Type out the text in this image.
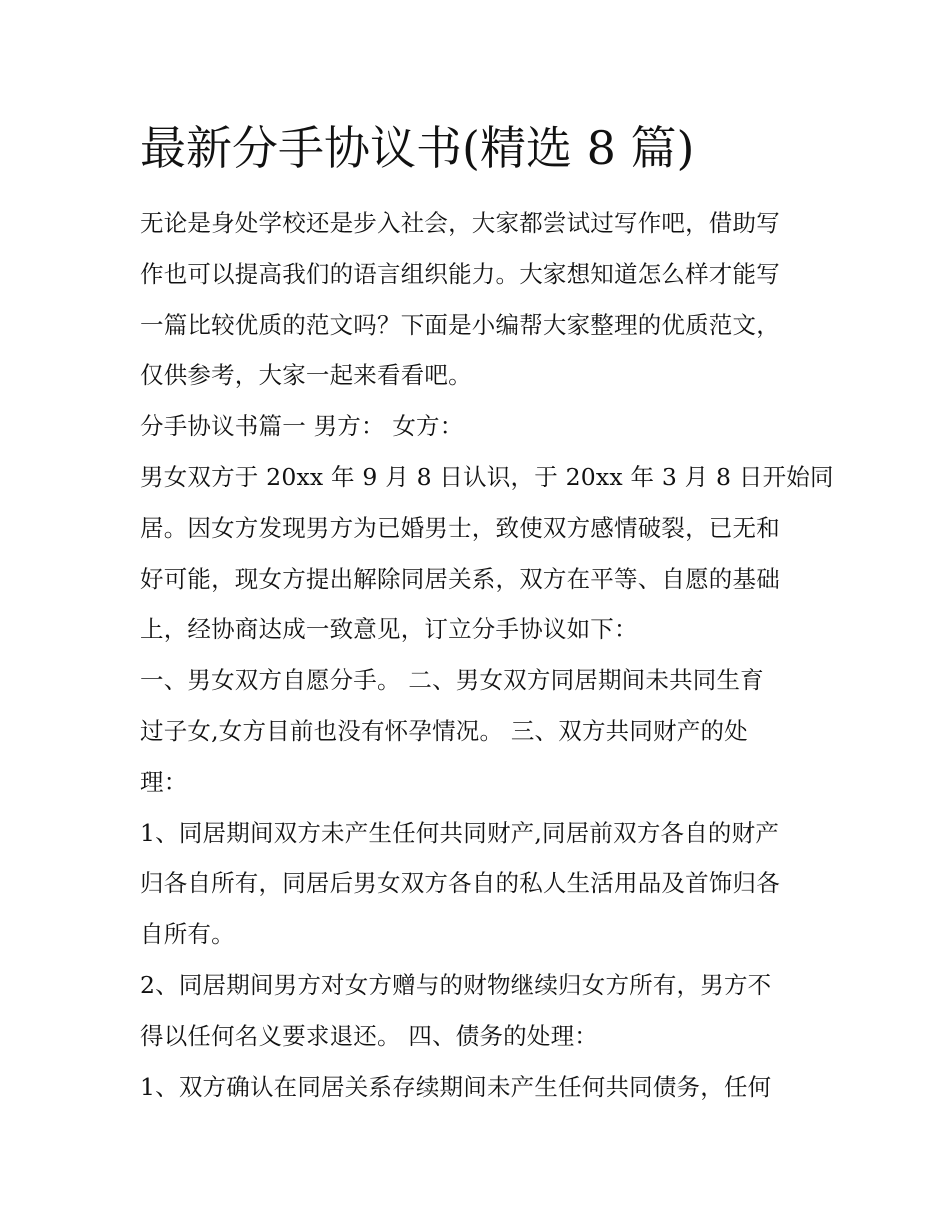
最新分手协议书(精选 8 篇)
无论是身处学校还是步入社会，大家都尝试过写作吧，借助写
作也可以提高我们的语言组织能力。大家想知道怎么样才能写
一篇比较优质的范文吗？下面是小编帮大家整理的优质范文，
仅供参考，大家一起来看看吧。
分手协议书篇一 男方： 女方：
男女双方于 20xx 年 9 月 8 日认识，于 20xx 年 3 月 8 日开始同
居。因女方发现男方为已婚男士，致使双方感情破裂，已无和
好可能，现女方提出解除同居关系，双方在平等、自愿的基础
上，经协商达成一致意见，订立分手协议如下：
一、男女双方自愿分手。 二、男女双方同居期间未共同生育
过子女,女方目前也没有怀孕情况。 三、双方共同财产的处
理：
1、同居期间双方未产生任何共同财产,同居前双方各自的财产
归各自所有，同居后男女双方各自的私人生活用品及首饰归各
自所有。
2、同居期间男方对女方赠与的财物继续归女方所有，男方不
得以任何名义要求退还。 四、债务的处理：
1、双方确认在同居关系存续期间未产生任何共同债务，任何
